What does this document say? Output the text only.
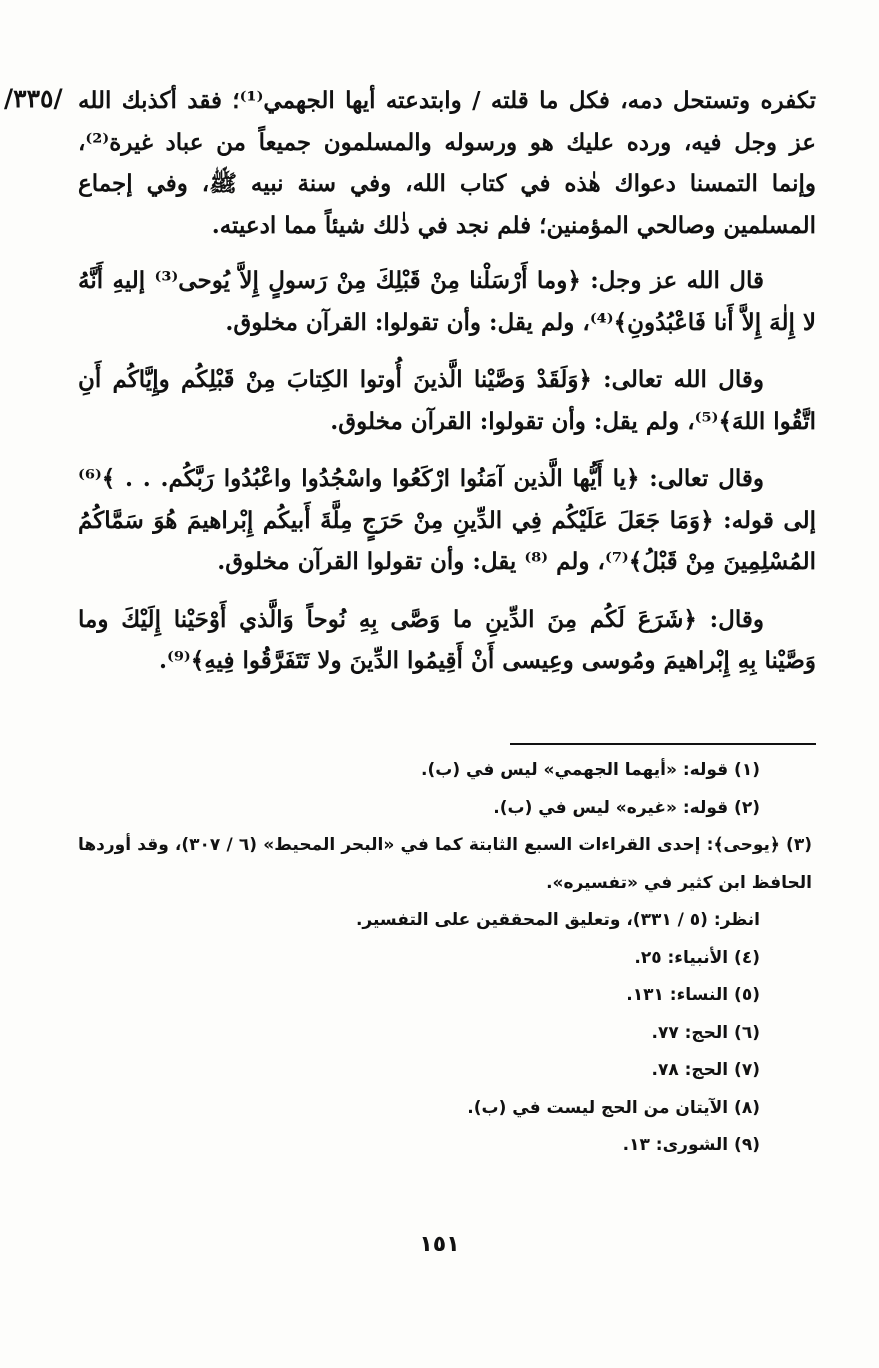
/٣٣٥/ تكفره وتستحل دمه، فكل ما قلته / وابتدعته أيها الجهمي⁽¹⁾؛ فقد أكذبك الله عز وجل فيه، ورده عليك هو ورسوله والمسلمون جميعاً من عباد غيرة⁽²⁾، وإنما التمسنا دعواك هٰذه في كتاب الله، وفي سنة نبيه ﷺ، وفي إجماع المسلمين وصالحي المؤمنين؛ فلم نجد في ذٰلك شيئاً مما ادعيته.

قال الله عز وجل: ﴿وما أَرْسَلْنا مِنْ قَبْلِكَ مِنْ رَسولٍ إِلاَّ يُوحى⁽³⁾ إليهِ أَنَّهُ لا إِلٰهَ إِلاَّ أَنا فَاعْبُدُونِ﴾⁽⁴⁾، ولم يقل: وأن تقولوا: القرآن مخلوق.

وقال الله تعالى: ﴿وَلَقَدْ وَصَّيْنا الَّذينَ أُوتوا الكِتابَ مِنْ قَبْلِكُم وإِيَّاكُم أَنِ اتَّقُوا اللهَ﴾⁽⁵⁾، ولم يقل: وأن تقولوا: القرآن مخلوق.

وقال تعالى: ﴿يا أَيُّها الَّذين آمَنُوا ارْكَعُوا واسْجُدُوا واعْبُدُوا رَبَّكُم. . . ﴾⁽⁶⁾ إلى قوله: ﴿وَمَا جَعَلَ عَلَيْكُم فِي الدِّينِ مِنْ حَرَجٍ مِلَّةَ أَبيكُم إِبْراهيمَ هُوَ سَمَّاكُمُ المُسْلِمِينَ مِنْ قَبْلُ﴾⁽⁷⁾، ولم ⁽⁸⁾ يقل: وأن تقولوا القرآن مخلوق.

وقال: ﴿شَرَعَ لَكُم مِنَ الدِّينِ ما وَصَّى بِهِ نُوحاً وَالَّذي أَوْحَيْنا إِلَيْكَ وما وَصَّيْنا بِهِ إِبْراهيمَ ومُوسى وعِيسى أَنْ أَقِيمُوا الدِّينَ ولا تَتَفَرَّقُوا فِيهِ﴾⁽⁹⁾.

(١) قوله: «أيهما الجهمي» ليس في (ب).

(٢) قوله: «غيره» ليس في (ب).

(٣) ﴿يوحى﴾: إحدى القراءات السبع الثابتة كما في «البحر المحيط» (٦ / ٣٠٧)، وقد أوردها الحافظ ابن كثير في «تفسيره».

انظر: (٥ / ٣٣١)، وتعليق المحققين على التفسير.

(٤) الأنبياء: ٢٥.

(٥) النساء: ١٣١.

(٦) الحج: ٧٧.

(٧) الحج: ٧٨.

(٨) الآيتان من الحج ليست في (ب).

(٩) الشورى: ١٣.

١٥١
